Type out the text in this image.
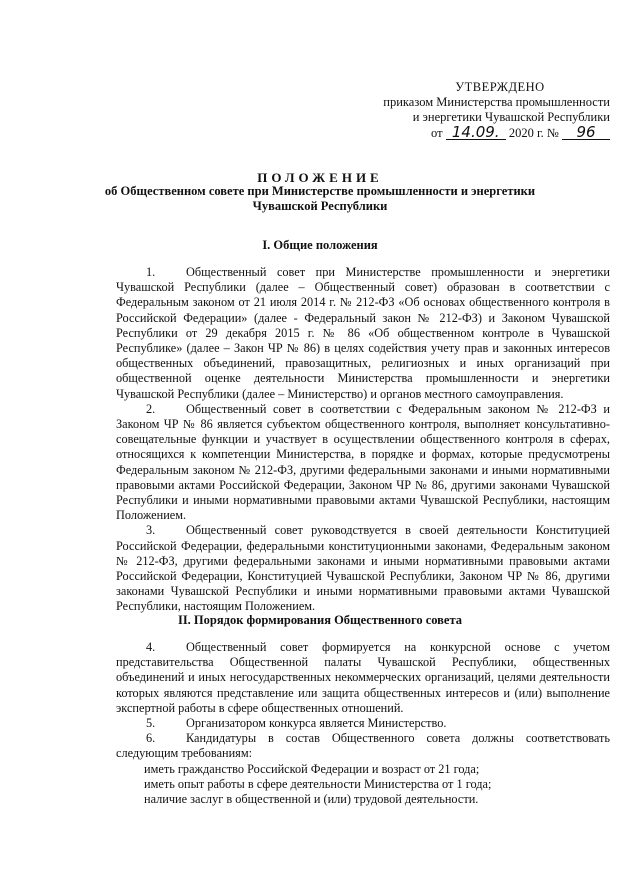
УТВЕРЖДЕНО
приказом Министерства промышленности
и энергетики Чувашской Республики
от 14.09. 2020 г. № 96
ПОЛОЖЕНИЕ
об Общественном совете при Министерстве промышленности и энергетики Чувашской Республики
I. Общие положения

1.	Общественный совет при Министерстве промышленности и энергетики Чувашской Республики (далее – Общественный совет) образован в соответствии с Федеральным законом от 21 июля 2014 г. № 212-ФЗ «Об основах общественного контроля в Российской Федерации» (далее - Федеральный закон № 212-ФЗ) и Законом Чувашской Республики от 29 декабря 2015 г. № 86 «Об общественном контроле в Чувашской Республике» (далее – Закон ЧР № 86) в целях содействия учету прав и законных интересов общественных объединений, правозащитных, религиозных и иных организаций при общественной оценке деятельности Министерства промышленности и энергетики Чувашской Республики (далее – Министерство) и органов местного самоуправления.

2.	Общественный совет в соответствии с Федеральным законом № 212-ФЗ и Законом ЧР № 86 является субъектом общественного контроля, выполняет консультативно-совещательные функции и участвует в осуществлении общественного контроля в сферах, относящихся к компетенции Министерства, в порядке и формах, которые предусмотрены Федеральным законом № 212-ФЗ, другими федеральными законами и иными нормативными правовыми актами Российской Федерации, Законом ЧР № 86, другими законами Чувашской Республики и иными нормативными правовыми актами Чувашской Республики, настоящим Положением.

3.	Общественный совет руководствуется в своей деятельности Конституцией Российской Федерации, федеральными конституционными законами, Федеральным законом № 212-ФЗ, другими федеральными законами и иными нормативными правовыми актами Российской Федерации, Конституцией Чувашской Республики, Законом ЧР № 86, другими законами Чувашской Республики и иными нормативными правовыми актами Чувашской Республики, настоящим Положением.

II. Порядок формирования Общественного совета

4.	Общественный совет формируется на конкурсной основе с учетом представительства Общественной палаты Чувашской Республики, общественных объединений и иных негосударственных некоммерческих организаций, целями деятельности которых являются представление или защита общественных интересов и (или) выполнение экспертной работы в сфере общественных отношений.

5.	Организатором конкурса является Министерство.

6.	Кандидатуры в состав Общественного совета должны соответствовать следующим требованиям:

иметь гражданство Российской Федерации и возраст от 21 года;

иметь опыт работы в сфере деятельности Министерства от 1 года;

наличие заслуг в общественной и (или) трудовой деятельности.
